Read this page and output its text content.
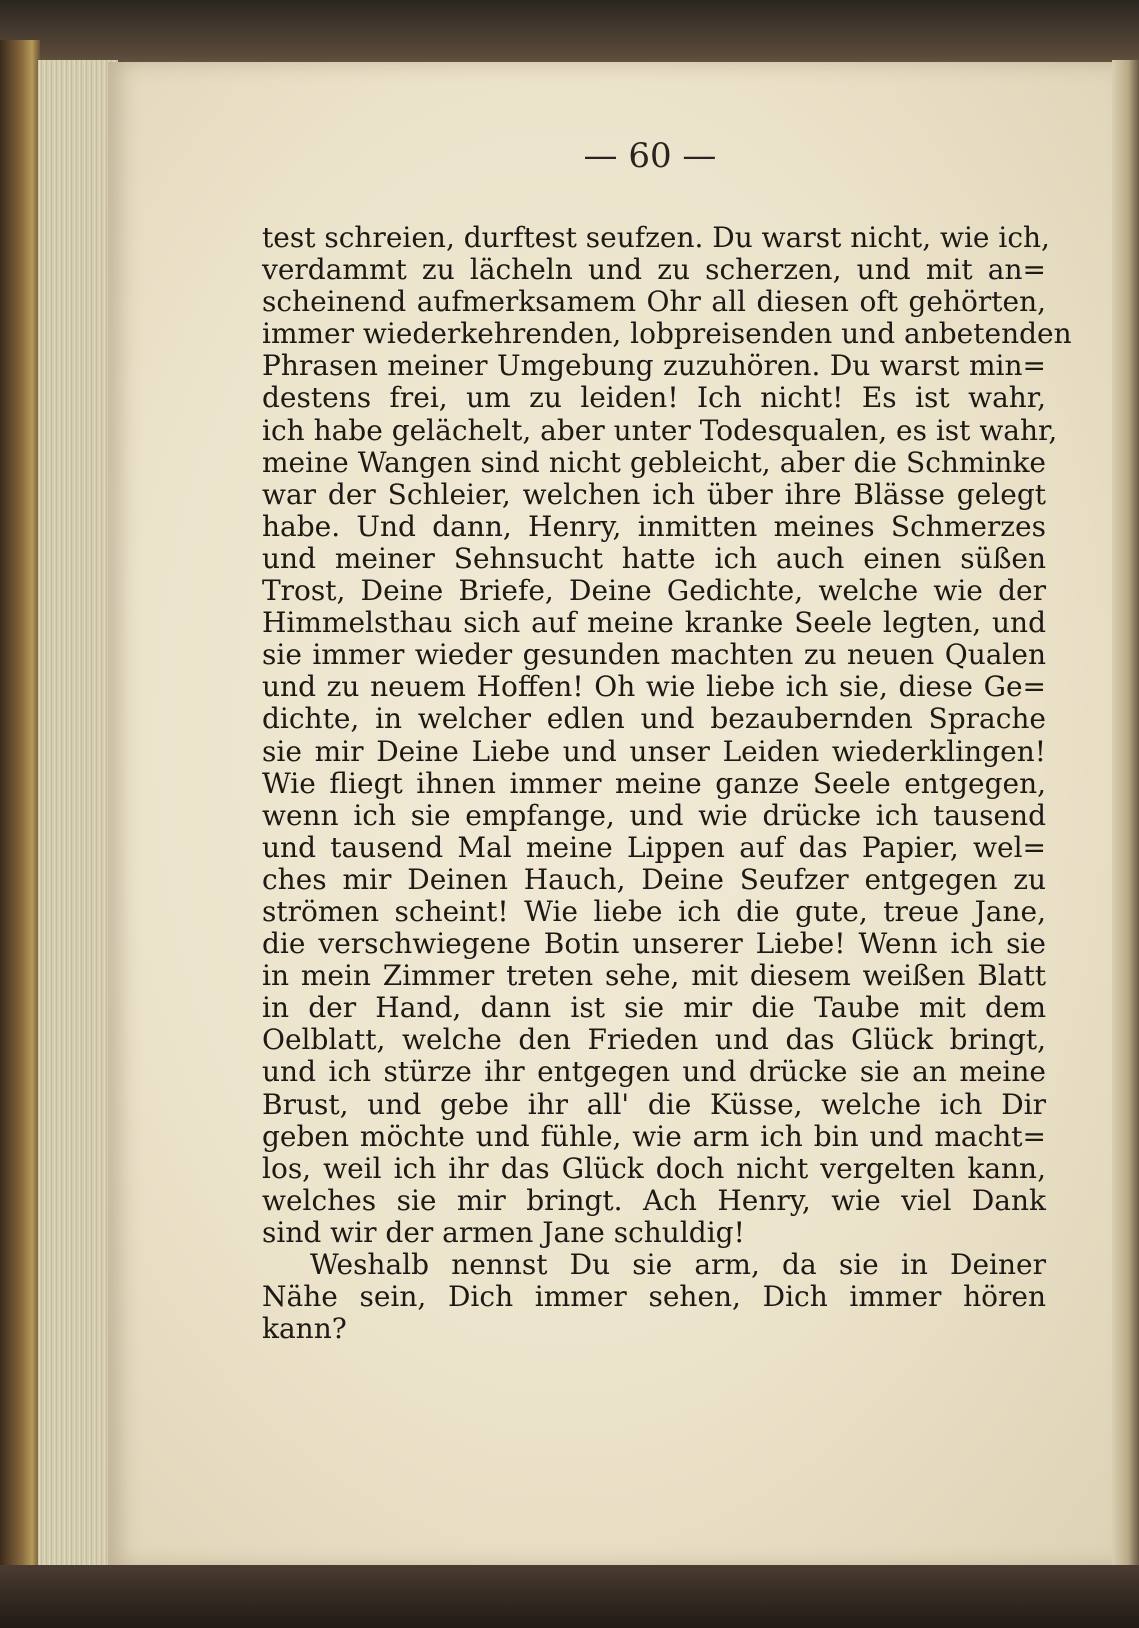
— 60 —
test schreien, durftest seufzen. Du warst nicht, wie ich,
verdammt zu lächeln und zu scherzen, und mit an=
scheinend aufmerksamem Ohr all diesen oft gehörten,
immer wiederkehrenden, lobpreisenden und anbetenden
Phrasen meiner Umgebung zuzuhören. Du warst min=
destens frei, um zu leiden! Ich nicht! Es ist wahr,
ich habe gelächelt, aber unter Todesqualen, es ist wahr,
meine Wangen sind nicht gebleicht, aber die Schminke
war der Schleier, welchen ich über ihre Blässe gelegt
habe. Und dann, Henry, inmitten meines Schmerzes
und meiner Sehnsucht hatte ich auch einen süßen
Trost, Deine Briefe, Deine Gedichte, welche wie der
Himmelsthau sich auf meine kranke Seele legten, und
sie immer wieder gesunden machten zu neuen Qualen
und zu neuem Hoffen! Oh wie liebe ich sie, diese Ge=
dichte, in welcher edlen und bezaubernden Sprache
sie mir Deine Liebe und unser Leiden wiederklingen!
Wie fliegt ihnen immer meine ganze Seele entgegen,
wenn ich sie empfange, und wie drücke ich tausend
und tausend Mal meine Lippen auf das Papier, wel=
ches mir Deinen Hauch, Deine Seufzer entgegen zu
strömen scheint! Wie liebe ich die gute, treue Jane,
die verschwiegene Botin unserer Liebe! Wenn ich sie
in mein Zimmer treten sehe, mit diesem weißen Blatt
in der Hand, dann ist sie mir die Taube mit dem
Oelblatt, welche den Frieden und das Glück bringt,
und ich stürze ihr entgegen und drücke sie an meine
Brust, und gebe ihr all' die Küsse, welche ich Dir
geben möchte und fühle, wie arm ich bin und macht=
los, weil ich ihr das Glück doch nicht vergelten kann,
welches sie mir bringt. Ach Henry, wie viel Dank
sind wir der armen Jane schuldig!
Weshalb nennst Du sie arm, da sie in Deiner
Nähe sein, Dich immer sehen, Dich immer hören
kann?
